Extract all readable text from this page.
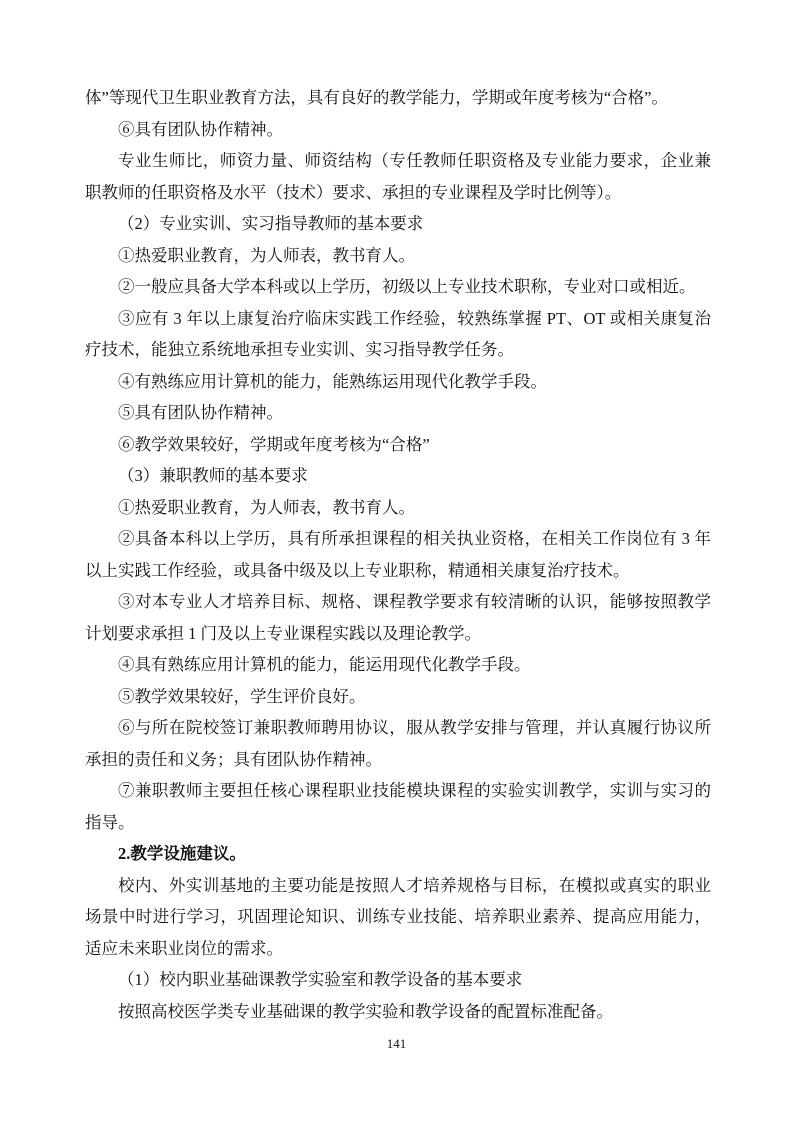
体”等现代卫生职业教育方法，具有良好的教学能力，学期或年度考核为“合格”。

⑥具有团队协作精神。

专业生师比，师资力量、师资结构（专任教师任职资格及专业能力要求，企业兼职教师的任职资格及水平（技术）要求、承担的专业课程及学时比例等）。

（2）专业实训、实习指导教师的基本要求

①热爱职业教育，为人师表，教书育人。

②一般应具备大学本科或以上学历，初级以上专业技术职称，专业对口或相近。

③应有 3 年以上康复治疗临床实践工作经验，较熟练掌握 PT、OT 或相关康复治疗技术，能独立系统地承担专业实训、实习指导教学任务。

④有熟练应用计算机的能力，能熟练运用现代化教学手段。

⑤具有团队协作精神。

⑥教学效果较好，学期或年度考核为“合格”

（3）兼职教师的基本要求

①热爱职业教育，为人师表，教书育人。

②具备本科以上学历，具有所承担课程的相关执业资格，在相关工作岗位有 3 年以上实践工作经验，或具备中级及以上专业职称，精通相关康复治疗技术。

③对本专业人才培养目标、规格、课程教学要求有较清晰的认识，能够按照教学计划要求承担 1 门及以上专业课程实践以及理论教学。

④具有熟练应用计算机的能力，能运用现代化教学手段。

⑤教学效果较好，学生评价良好。

⑥与所在院校签订兼职教师聘用协议，服从教学安排与管理，并认真履行协议所承担的责任和义务；具有团队协作精神。

⑦兼职教师主要担任核心课程职业技能模块课程的实验实训教学，实训与实习的指导。

2.教学设施建议。

校内、外实训基地的主要功能是按照人才培养规格与目标，在模拟或真实的职业场景中时进行学习，巩固理论知识、训练专业技能、培养职业素养、提高应用能力，适应未来职业岗位的需求。

（1）校内职业基础课教学实验室和教学设备的基本要求

按照高校医学类专业基础课的教学实验和教学设备的配置标准配备。

141
